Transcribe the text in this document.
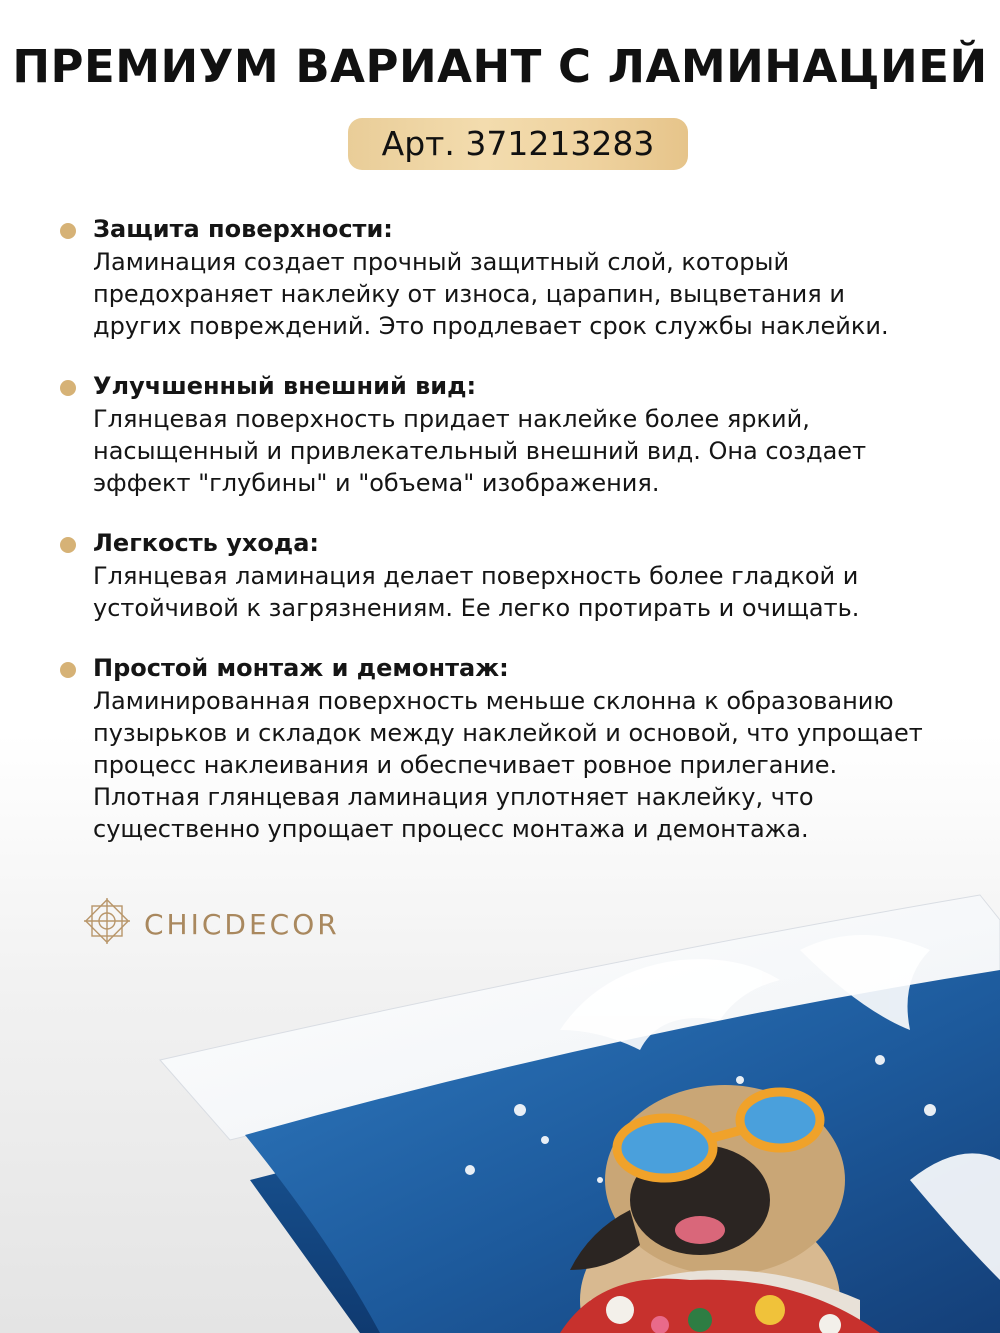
ПРЕМИУМ ВАРИАНТ С ЛАМИНАЦИЕЙ
Арт. 371213283
Защита поверхности:
Ламинация создает прочный защитный слой, который
предохраняет наклейку от износа, царапин, выцветания и
других повреждений. Это продлевает срок службы наклейки.
Улучшенный внешний вид:
Глянцевая поверхность придает наклейке более яркий,
насыщенный и привлекательный внешний вид. Она создает
эффект "глубины" и "объема" изображения.
Легкость ухода:
Глянцевая ламинация делает поверхность более гладкой и
устойчивой к загрязнениям. Ее легко протирать и очищать.
Простой монтаж и демонтаж:
Ламинированная поверхность меньше склонна к образованию
пузырьков и складок между наклейкой и основой, что упрощает
процесс наклеивания и обеспечивает ровное прилегание.
Плотная глянцевая ламинация уплотняет наклейку, что
существенно упрощает процесс монтажа и демонтажа.
CHICDECOR
